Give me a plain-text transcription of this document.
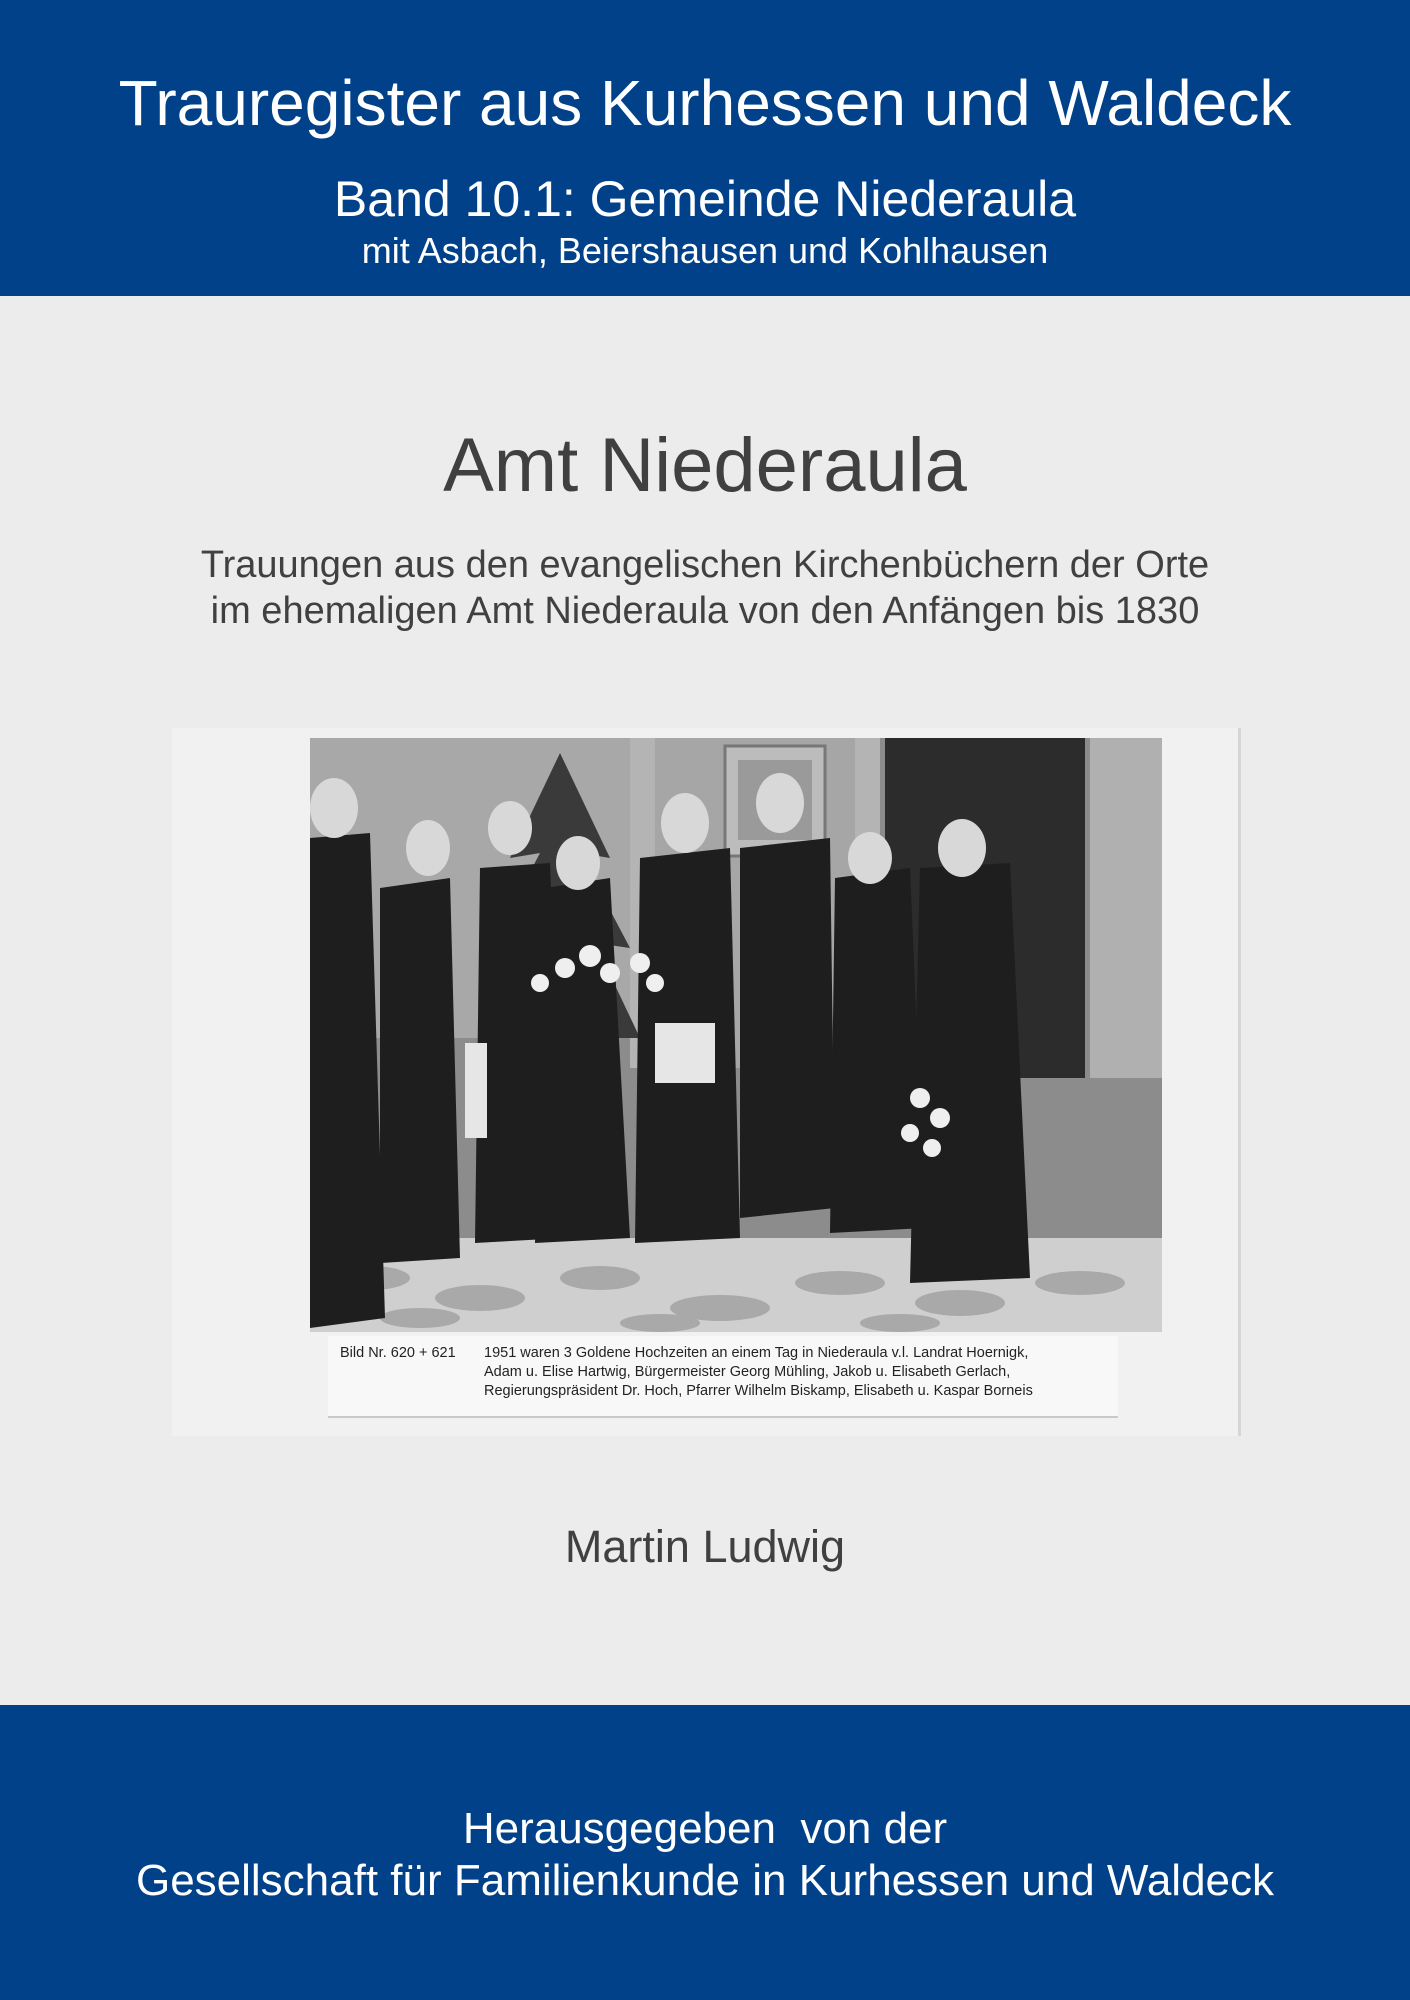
Trauregister aus Kurhessen und Waldeck
Band 10.1: Gemeinde Niederaula
mit Asbach, Beiershausen und Kohlhausen
Amt Niederaula
Trauungen aus den evangelischen Kirchenbüchern der Orte
im ehemaligen Amt Niederaula von den Anfängen bis 1830
Bild Nr. 620 + 621 1951 waren 3 Goldene Hochzeiten an einem Tag in Niederaula v.l. Landrat Hoernigk,
Adam u. Elise Hartwig, Bürgermeister Georg Mühling, Jakob u. Elisabeth Gerlach,
Regierungspräsident Dr. Hoch, Pfarrer Wilhelm Biskamp, Elisabeth u. Kaspar Borneis
Martin Ludwig
Herausgegeben  von der
Gesellschaft für Familienkunde in Kurhessen und Waldeck
